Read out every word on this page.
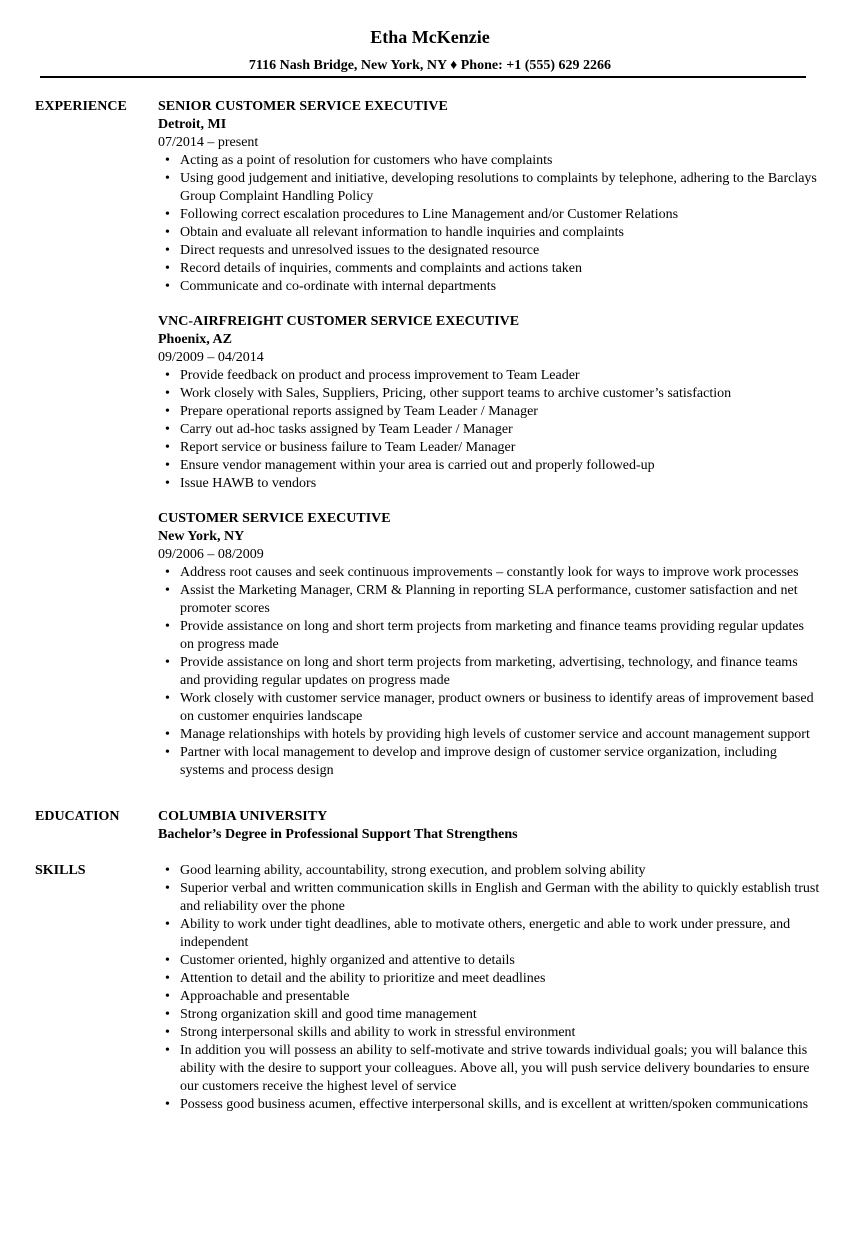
Etha McKenzie
7116 Nash Bridge, New York, NY ♦ Phone: +1 (555) 629 2266
EXPERIENCE	SENIOR CUSTOMER SERVICE EXECUTIVE
Detroit, MI
07/2014 – present
• Acting as a point of resolution for customers who have complaints
• Using good judgement and initiative, developing resolutions to complaints by telephone, adhering to the Barclays Group Complaint Handling Policy
• Following correct escalation procedures to Line Management and/or Customer Relations
• Obtain and evaluate all relevant information to handle inquiries and complaints
• Direct requests and unresolved issues to the designated resource
• Record details of inquiries, comments and complaints and actions taken
• Communicate and co-ordinate with internal departments
VNC-AIRFREIGHT CUSTOMER SERVICE EXECUTIVE
Phoenix, AZ
09/2009 – 04/2014
• Provide feedback on product and process improvement to Team Leader
• Work closely with Sales, Suppliers, Pricing, other support teams to archive customer’s satisfaction
• Prepare operational reports assigned by Team Leader / Manager
• Carry out ad-hoc tasks assigned by Team Leader / Manager
• Report service or business failure to Team Leader/ Manager
• Ensure vendor management within your area is carried out and properly followed-up
• Issue HAWB to vendors
CUSTOMER SERVICE EXECUTIVE
New York, NY
09/2006 – 08/2009
• Address root causes and seek continuous improvements – constantly look for ways to improve work processes
• Assist the Marketing Manager, CRM & Planning in reporting SLA performance, customer satisfaction and net promoter scores
• Provide assistance on long and short term projects from marketing and finance teams providing regular updates on progress made
• Provide assistance on long and short term projects from marketing, advertising, technology, and finance teams and providing regular updates on progress made
• Work closely with customer service manager, product owners or business to identify areas of improvement based on customer enquiries landscape
• Manage relationships with hotels by providing high levels of customer service and account management support
• Partner with local management to develop and improve design of customer service organization, including systems and process design
EDUCATION	COLUMBIA UNIVERSITY
Bachelor’s Degree in Professional Support That Strengthens
SKILLS
•	Good learning ability, accountability, strong execution, and problem solving ability
• Superior verbal and written communication skills in English and German with the ability to quickly establish trust and reliability over the phone
• Ability to work under tight deadlines, able to motivate others, energetic and able to work under pressure, and independent
• Customer oriented, highly organized and attentive to details
• Attention to detail and the ability to prioritize and meet deadlines
• Approachable and presentable
• Strong organization skill and good time management
• Strong interpersonal skills and ability to work in stressful environment
• In addition you will possess an ability to self-motivate and strive towards individual goals; you will balance this ability with the desire to support your colleagues. Above all, you will push service delivery boundaries to ensure our customers receive the highest level of service
• Possess good business acumen, effective interpersonal skills, and is excellent at written/spoken communications
